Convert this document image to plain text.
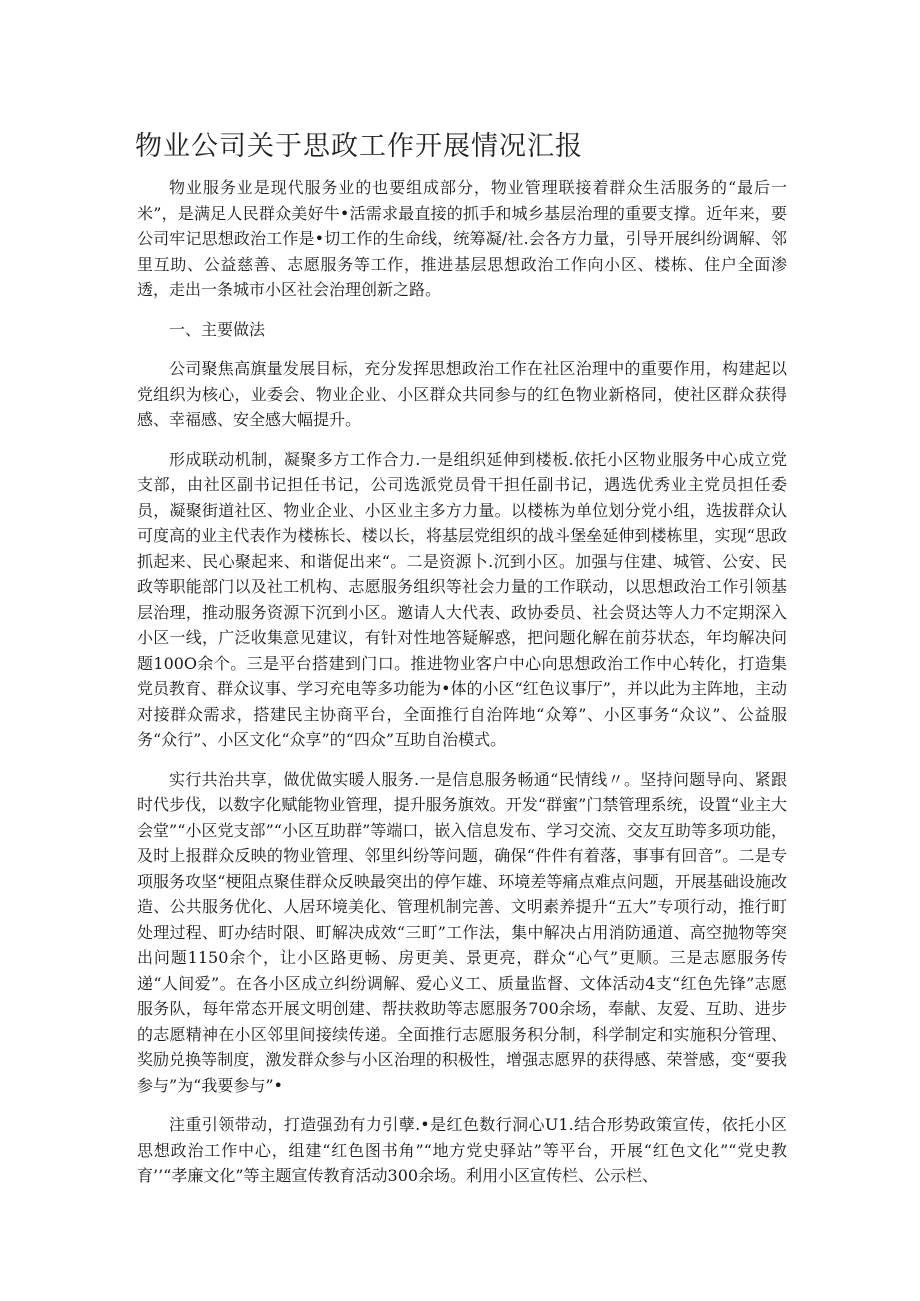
物业公司关于思政工作开展情况汇报

物业服务业是现代服务业的也要组成部分，物业管理联接着群众生活服务的“最后一米”，是满足人民群众美好牛•活需求最直接的抓手和城乡基层治理的重要支撑。近年来，要公司牢记思想政治工作是•切工作的生命线，统筹凝/社.会各方力量，引导开展纠纷调解、邻里互助、公益慈善、志愿服务等工作，推进基层思想政治工作向小区、楼栋、住户全面渗透，走出一条城市小区社会治理创新之路。

一、主要做法

公司聚焦高旗量发展目标，充分发挥思想政治工作在社区治理中的重要作用，构建起以党组织为核心，业委会、物业企业、小区群众共同参与的红色物业新格同，使社区群众获得感、幸福感、安全感大幅提升。

形成联动机制，凝聚多方工作合力.一是组织延伸到楼板.依托小区物业服务中心成立党支部，由社区副书记担任书记，公司选派党员骨干担任副书记，遇选优秀业主党员担任委员，凝聚街道社区、物业企业、小区业主多方力量。以楼栋为单位划分党小组，选拔群众认可度高的业主代表作为楼栋长、楼以长，将基层党组织的战斗堡垒延伸到楼栋里，实现“思政抓起来、民心聚起来、和谐促出来“。二是资源卜.沉到小区。加强与住建、城管、公安、民政等职能部门以及社工机构、志愿服务组织等社会力量的工作联动，以思想政治工作引领基层治理，推动服务资源下沉到小区。邀请人大代表、政协委员、社会贤达等人力不定期深入小区一线，广泛收集意见建议，有针对性地答疑解惑，把问题化解在前芬状态，年均解决问题100O余个。三是平台搭建到门口。推进物业客户中心向思想政治工作中心转化，打造集党员教育、群众议事、学习充电等多功能为•体的小区“红色议事厅”，并以此为主阵地，主动对接群众需求，搭建民主协商平台，全面推行自治阵地“众筹”、小区事务“众议”、公益服务“众行”、小区文化“众享”的“四众”互助自治模式。

实行共治共享，做优做实暖人服务.一是信息服务畅通“民情线〃。坚持问题导向、紧跟时代步伐，以数字化赋能物业管理，提升服务旗效。开发“群蜜”门禁管理系统，设置“业主大会堂”“小区党支部”“小区互助群”等端口，嵌入信息发布、学习交流、交友互助等多项功能，及时上报群众反映的物业管理、邻里纠纷等问题，确保“件件有着落，事事有回音”。二是专项服务攻坚“梗阻点聚佳群众反映最突出的停乍雄、环境差等痛点难点问题，开展基础设施改造、公共服务优化、人居环境美化、管理机制完善、文明素养提升“五大”专项行动，推行町处理过程、町办结时限、町解决成效“三町”工作法，集中解决占用消防通道、高空抛物等突出问题1150余个，让小区路更畅、房更美、景更亮，群众“心气”更顺。三是志愿服务传递“人间爱”。在各小区成立纠纷调解、爱心义工、质量监督、文体活动4支“红色先锋”志愿服务队，每年常态开展文明创建、帮扶救助等志愿服务700余场，奉献、友爱、互助、进步的志愿精神在小区邻里间接续传递。全面推行志愿服务积分制，科学制定和实施积分管理、奖励兑换等制度，激发群众参与小区治理的积极性，增强志愿界的获得感、荣誉感，变“要我参与”为“我要参与”•

注重引领带动，打造强劲有力引孽.•是红色数行洞心U1.结合形势政策宣传，依托小区思想政治工作中心，组建“红色图书角”“地方党史驿站”等平台，开展“红色文化”“党史教育’’“孝廉文化”等主题宣传教育活动300余场。利用小区宣传栏、公示栏、
